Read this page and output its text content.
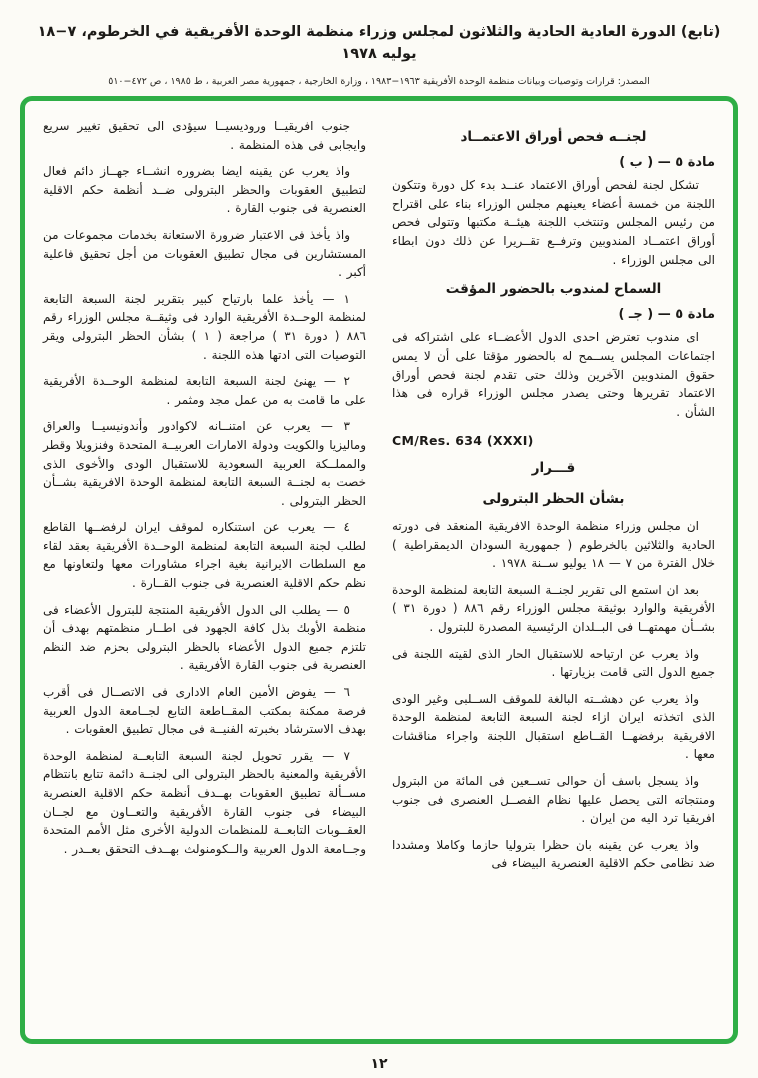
(تابع) الدورة العادية الحادية والثلاثون لمجلس وزراء منظمة الوحدة الأفريقية في الخرطوم، ٧−١٨ يوليه ١٩٧٨
المصدر: قرارات وتوصيات وبيانات منظمة الوحدة الأفريقية ١٩٦٣−١٩٨٣ ، وزارة الخارجية ، جمهورية مصر العربية ، ط ١٩٨٥ ، ص ٤٧٢−٥١٠
لجنــه فحص أوراق الاعتمــاد
مادة ٥ — ( ب )
تشكل لجنة لفحص أوراق الاعتماد عنــد بدء كل دورة وتتكون اللجنة من خمسة أعضاء يعينهم مجلس الوزراء بناء على اقتراح من رئيس المجلس وتنتخب اللجنة هيئــة مكتبها وتتولى فحص أوراق اعتمــاد المندوبين وترفــع تقــريرا عن ذلك دون ابطاء الى مجلس الوزراء .
السماح لمندوب بالحضور المؤقت
مادة ٥ — ( جـ )
اى مندوب تعترض احدى الدول الأعضــاء على اشتراكه فى اجتماعات المجلس يســمح له بالحضور مؤقتا على أن لا يمس حقوق المندوبين الآخرين وذلك حتى تقدم لجنة فحص أوراق الاعتماد تقريرها وحتى يصدر مجلس الوزراء قراره فى هذا الشأن .
CM/Res. 634 (XXXI)
قـــرار
بشأن الحظر البترولى
ان مجلس وزراء منظمة الوحدة الافريقية المنعقد فى دورته الحادية والثلاثين بالخرطوم ( جمهورية السودان الديمقراطية ) خلال الفترة من ٧ — ١٨ يوليو ســنة ١٩٧٨ .
بعد ان استمع الى تقرير لجنــة السبعة التابعة لمنظمة الوحدة الأفريقية والوارد بوثيقة مجلس الوزراء رقم ٨٨٦ ( دورة ٣١ ) بشــأن مهمتهــا فى البــلدان الرئيسية المصدرة للبترول .
واذ يعرب عن ارتياحه للاستقبال الحار الذى لقيته اللجنة فى جميع الدول التى قامت بزيارتها .
واذ يعرب عن دهشــته البالغة للموقف الســلبى وغير الودى الذى اتخذته ايران ازاء لجنة السبعة التابعة لمنظمة الوحدة الافريقية برفضهــا القــاطع استقبال اللجنة واجراء مناقشات معها .
واذ يسجل باسف أن حوالى تســعين فى المائة من البترول ومنتجاته التى يحصل عليها نظام الفصــل العنصرى فى جنوب افريقيا ترد اليه من ايران .
واذ يعرب عن يقينه بان حظرا بتروليا حازما وكاملا ومشددا ضد نظامى حكم الاقلية العنصرية البيضاء فى
جنوب افريقيــا وروديسيــا سيؤدى الى تحقيق تغيير سريع وايجابى فى هذه المنظمة .
واذ يعرب عن يقينه ايضا بضروره انشــاء جهــاز دائم فعال لتطبيق العقوبات والحظر البترولى ضــد أنظمة حكم الاقلية العنصرية فى جنوب القارة .
واذ يأخذ فى الاعتبار ضرورة الاستعانة بخدمات مجموعات من المستشارين فى مجال تطبيق العقوبات من أجل تحقيق فاعلية أكبر .
١ — يأخذ علما بارتياح كبير بتقرير لجنة السبعة التابعة لمنظمة الوحــدة الأفريقية الوارد فى وثيقــة مجلس الوزراء رقم ٨٨٦ ( دورة ٣١ ) مراجعة ( ١ ) بشأن الحظر البترولى ويقر التوصيات التى ادتها هذه اللجنة .
٢ — يهنئ لجنة السبعة التابعة لمنظمة الوحــدة الأفريقية على ما قامت به من عمل مجد ومثمر .
٣ — يعرب عن امتنــانه لاكوادور وأندونيسيــا والعراق وماليزيا والكويت ودولة الامارات العربيــة المتحدة وفنزويلا وقطر والمملــكة العربية السعودية للاستقبال الودى والأخوى الذى خصت به لجنــة السبعة التابعة لمنظمة الوحدة الافريقية بشــأن الحظر البترولى .
٤ — يعرب عن استنكاره لموقف ايران لرفضــها القاطع لطلب لجنة السبعة التابعة لمنظمة الوحــدة الأفريقية بعقد لقاء مع السلطات الايرانية بغية اجراء مشاورات معها ولتعاونها مع نظم حكم الاقلية العنصرية فى جنوب القــارة .
٥ — يطلب الى الدول الأفريقية المنتجة للبترول الأعضاء فى منظمة الأوبك بذل كافة الجهود فى اطــار منظمتهم بهدف أن تلتزم جميع الدول الأعضاء بالحظر البترولى بحزم ضد النظم العنصرية فى جنوب القارة الأفريقية .
٦ — يفوض الأمين العام الادارى فى الاتصــال فى أقرب فرصة ممكنة بمكتب المقــاطعة التابع لجــامعة الدول العربية بهدف الاسترشاد بخبرته الفنيــة فى مجال تطبيق العقوبات .
٧ — يقرر تحويل لجنة السبعة التابعــة لمنظمة الوحدة الأفريقية والمعنية بالحظر البترولى الى لجنــة دائمة تتابع بانتظام مســألة تطبيق العقوبات بهــدف أنظمة حكم الاقلية العنصرية البيضاء فى جنوب القارة الأفريقية والتعــاون مع لجــان العقــوبات التابعــة للمنظمات الدولية الأخرى مثل الأمم المتحدة وجــامعة الدول العربية والــكومنولث بهــدف التحقق بعــدر .
١٢
